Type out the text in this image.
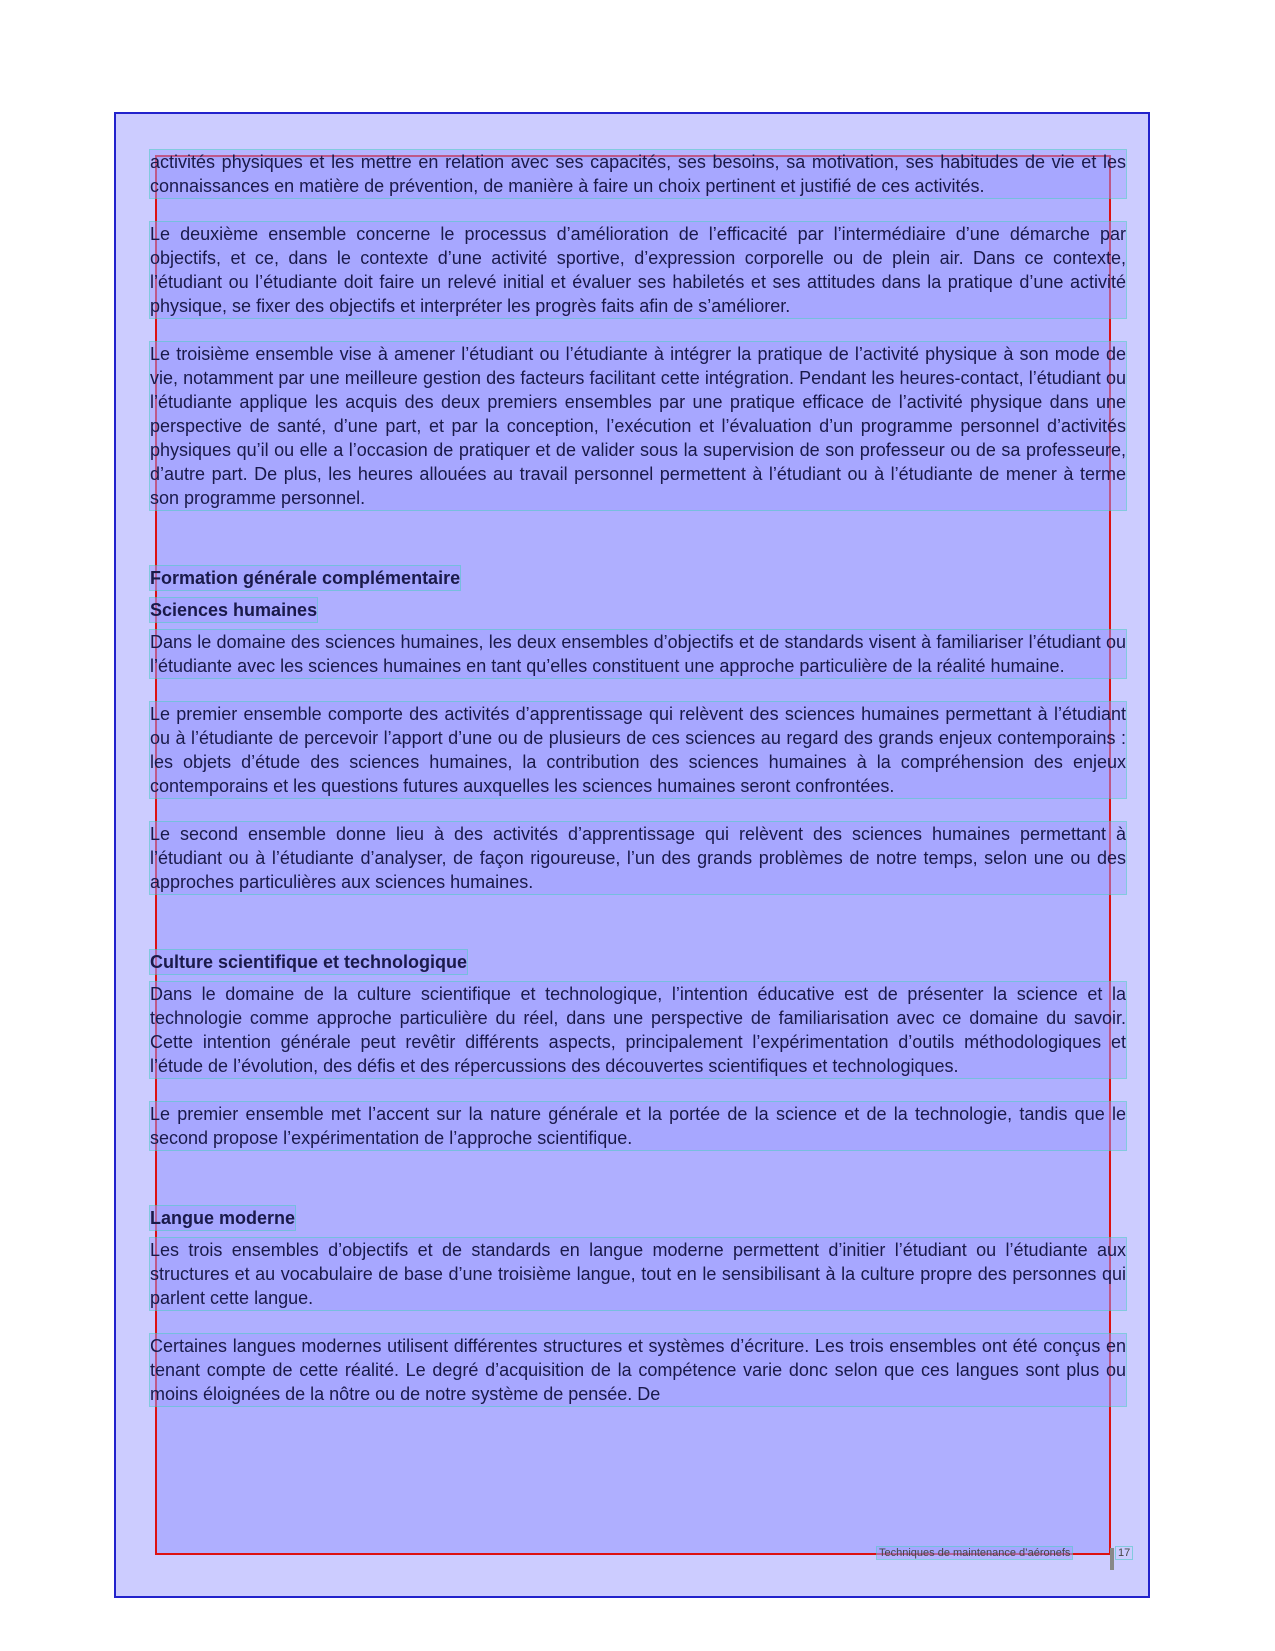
activités physiques et les mettre en relation avec ses capacités, ses besoins, sa motivation, ses habitudes de vie et les connaissances en matière de prévention, de manière à faire un choix pertinent et justifié de ces activités.

Le deuxième ensemble concerne le processus d’amélioration de l’efficacité par l’intermédiaire d’une démarche par objectifs, et ce, dans le contexte d’une activité sportive, d’expression corporelle ou de plein air. Dans ce contexte, l’étudiant ou l’étudiante doit faire un relevé initial et évaluer ses habiletés et ses attitudes dans la pratique d’une activité physique, se fixer des objectifs et interpréter les progrès faits afin de s’améliorer.

Le troisième ensemble vise à amener l’étudiant ou l’étudiante à intégrer la pratique de l’activité physique à son mode de vie, notamment par une meilleure gestion des facteurs facilitant cette intégration. Pendant les heures-contact, l’étudiant ou l’étudiante applique les acquis des deux premiers ensembles par une pratique efficace de l’activité physique dans une perspective de santé, d’une part, et par la conception, l’exécution et l’évaluation d’un programme personnel d’activités physiques qu’il ou elle a l’occasion de pratiquer et de valider sous la supervision de son professeur ou de sa professeure, d’autre part. De plus, les heures allouées au travail personnel permettent à l’étudiant ou à l’étudiante de mener à terme son programme personnel.

Formation générale complémentaire
Sciences humaines

Dans le domaine des sciences humaines, les deux ensembles d’objectifs et de standards visent à familiariser l’étudiant ou l’étudiante avec les sciences humaines en tant qu’elles constituent une approche particulière de la réalité humaine.

Le premier ensemble comporte des activités d’apprentissage qui relèvent des sciences humaines permettant à l’étudiant ou à l’étudiante de percevoir l’apport d’une ou de plusieurs de ces sciences au regard des grands enjeux contemporains : les objets d’étude des sciences humaines, la contribution des sciences humaines à la compréhension des enjeux contemporains et les questions futures auxquelles les sciences humaines seront confrontées.

Le second ensemble donne lieu à des activités d’apprentissage qui relèvent des sciences humaines permettant à l’étudiant ou à l’étudiante d’analyser, de façon rigoureuse, l’un des grands problèmes de notre temps, selon une ou des approches particulières aux sciences humaines.

Culture scientifique et technologique

Dans le domaine de la culture scientifique et technologique, l’intention éducative est de présenter la science et la technologie comme approche particulière du réel, dans une perspective de familiarisation avec ce domaine du savoir. Cette intention générale peut revêtir différents aspects, principalement l’expérimentation d’outils méthodologiques et l’étude de l’évolution, des défis et des répercussions des découvertes scientifiques et technologiques.

Le premier ensemble met l’accent sur la nature générale et la portée de la science et de la technologie, tandis que le second propose l’expérimentation de l’approche scientifique.

Langue moderne

Les trois ensembles d’objectifs et de standards en langue moderne permettent d’initier l’étudiant ou l’étudiante aux structures et au vocabulaire de base d’une troisième langue, tout en le sensibilisant à la culture propre des personnes qui parlent cette langue.

Certaines langues modernes utilisent différentes structures et systèmes d’écriture. Les trois ensembles ont été conçus en tenant compte de cette réalité. Le degré d’acquisition de la compétence varie donc selon que ces langues sont plus ou moins éloignées de la nôtre ou de notre système de pensée. De

Techniques de maintenance d’aéronefs	17
